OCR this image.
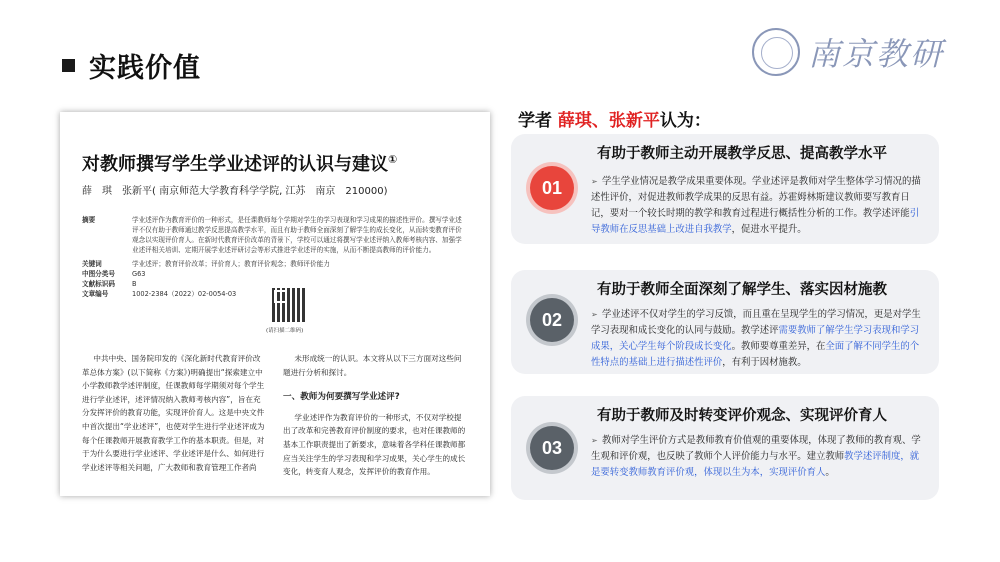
实践价值	南京教研
对教师撰写学生学业述评的认识与建议①
薛　琪　张新平( 南京师范大学教育科学学院, 江苏　南京　210000)
摘要	学业述评作为教育评价的一种形式，是任课教师每个学期对学生的学习表现和学习成果的描述性评价。撰写学业述评不仅有助于教师通过教学反思提高教学水平，而且有助于教师全面深刻了解学生的成长变化，从而转变教育评价观念以实现评价育人。在新时代教育评价改革的背景下，学校可以通过将撰写学业述评纳入教师考核内容、加强学业述评相关培训、定期开展学业述评研讨会等形式推进学业述评的实施，从而不断提高教师的评价能力。
关键词	学业述评；教育评价改革；评价育人；教育评价观念；教师评价能力
中图分类号	G63
文献标识码	B
文章编号	1002-2384（2022）02-0054-03
(请扫描二维码)
中共中央、国务院印发的《深化新时代教育评价改革总体方案》(以下简称《方案》)明确提出“探索建立中小学教师教学述评制度，任课教师每学期须对每个学生进行学业述评，述评情况纳入教师考核内容”，旨在充分发挥评价的教育功能，实现评价育人。这是中央文件中首次提出“学业述评”，也使对学生进行学业述评成为每个任课教师开展教育教学工作的基本职责。但是，对于为什么要进行学业述评、学业述评是什么、如何进行学业述评等相关问题，广大教师和教育管理工作者尚
未形成统一的认识。本文将从以下三方面对这些问题进行分析和探讨。
一、教师为何要撰写学业述评?
学业述评作为教育评价的一种形式，不仅对学校提出了改革和完善教育评价制度的要求，也对任课教师的基本工作职责提出了新要求，意味着各学科任课教师都应当关注学生的学习表现和学习成果，关心学生的成长变化，转变育人观念，发挥评价的教育作用。
学者 薛琪、张新平认为：
01
有助于教师主动开展教学反思、提高教学水平
➢ 学生学业情况是教学成果重要体现。学业述评是教师对学生整体学习情况的描述性评价，对促进教师教学成果的反思有益。苏霍姆林斯建议教师要写教育日记，要对一个较长时期的教学和教育过程进行概括性分析的工作。教学述评能引导教师在反思基础上改进自我教学，促进水平提升。
02
有助于教师全面深刻了解学生、落实因材施教
➢ 学业述评不仅对学生的学习反馈，而且重在呈现学生的学习情况，更是对学生学习表现和成长变化的认同与鼓励。教学述评需要教师了解学生学习表现和学习成果，关心学生每个阶段成长变化。教师要尊重差异，在全面了解不同学生的个性特点的基础上进行描述性评价，有利于因材施教。
03
有助于教师及时转变评价观念、实现评价育人
➢ 教师对学生评价方式是教师教育价值观的重要体现，体现了教师的教育观、学生观和评价观，也反映了教师个人评价能力与水平。建立教师教学述评制度，就是要转变教师教育评价观，体现以生为本，实现评价育人。
